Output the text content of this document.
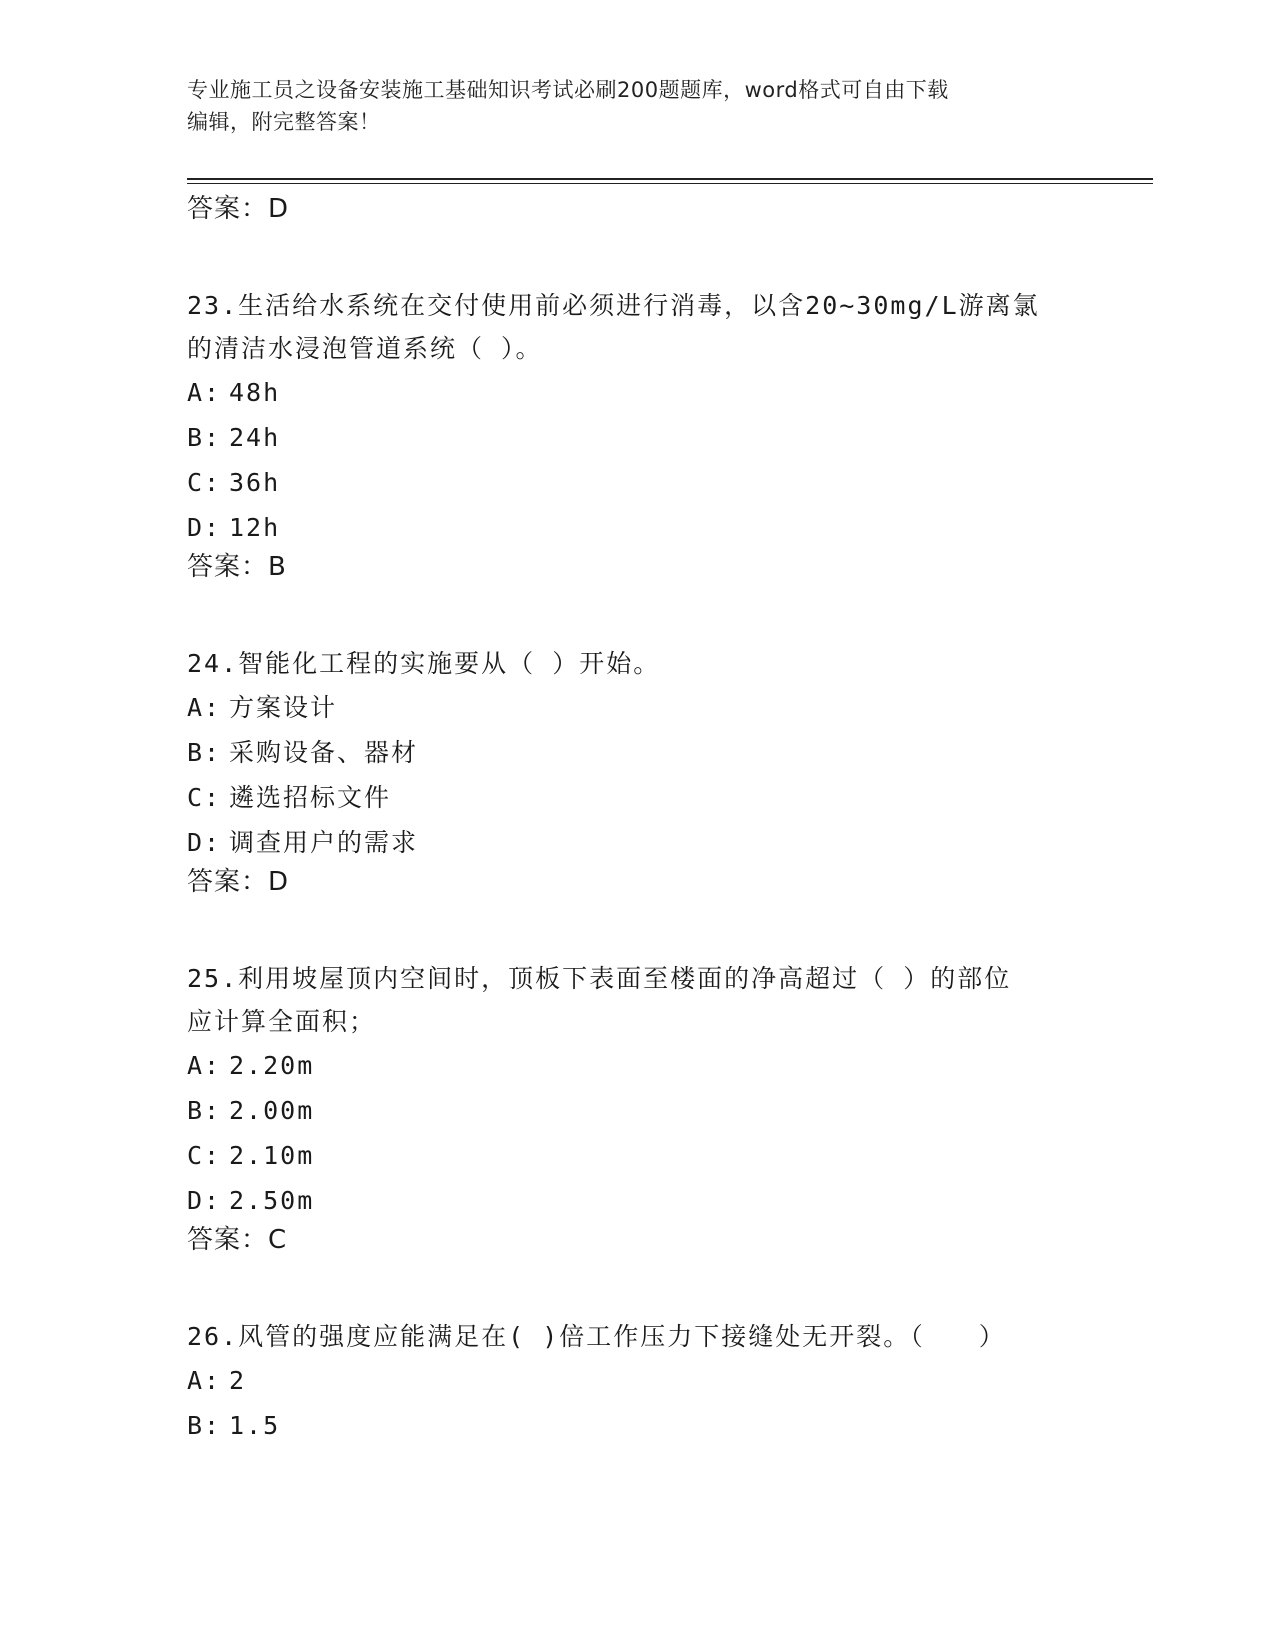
专业施工员之设备安装施工基础知识考试必刷200题题库，word格式可自由下载
编辑，附完整答案！
答案：D
23.生活给水系统在交付使用前必须进行消毒，以含20~30mg/L游离氯
的清洁水浸泡管道系统（ ）。
A: 48h
B: 24h
C: 36h
D: 12h
答案：B
24.智能化工程的实施要从（ ）开始。
A: 方案设计
B: 采购设备、器材
C: 遴选招标文件
D: 调查用户的需求
答案：D
25.利用坡屋顶内空间时，顶板下表面至楼面的净高超过（ ）的部位
应计算全面积；
A: 2.20m
B: 2.00m
C: 2.10m
D: 2.50m
答案：C
26.风管的强度应能满足在( )倍工作压力下接缝处无开裂。（　　）
A: 2
B: 1.5
